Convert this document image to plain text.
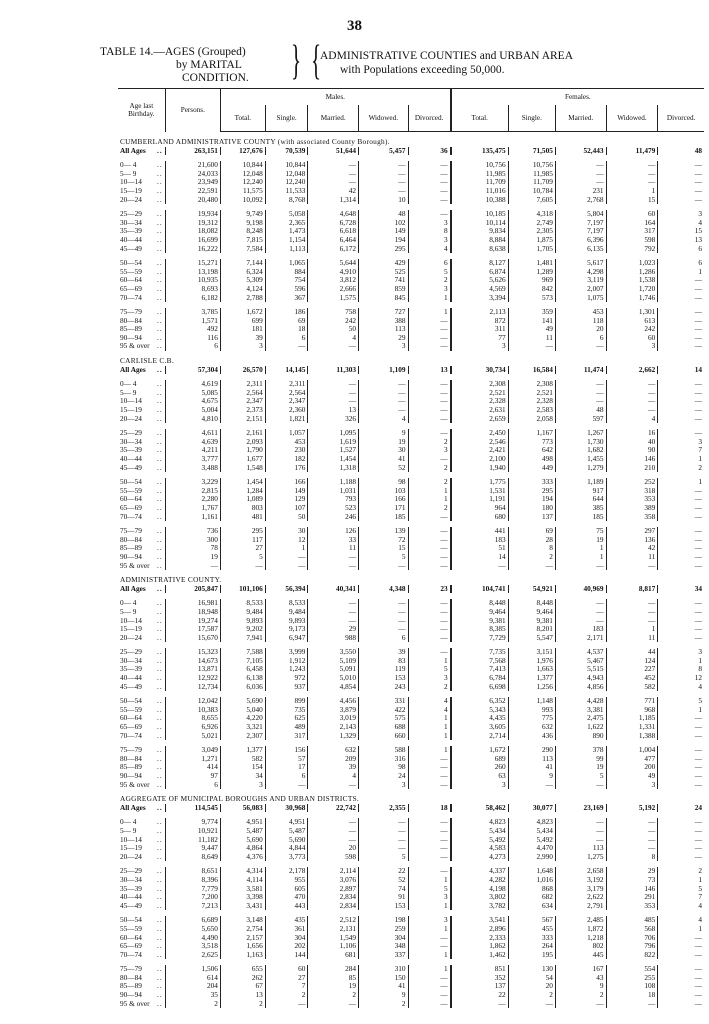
38
TABLE 14.—AGES (Grouped)
by MARITAL
CONDITION.	} {
ADMINISTRATIVE COUNTIES and URBAN AREA
with Populations exceeding 50,000.
Age last Birthday.	Persons.	Males.					Females.				
		Total.	Single.	Married.	Widowed.	Divorced.	Total.	Single.	Married.	Widowed.	Divorced.
CUMBERLAND ADMINISTRATIVE COUNTY (with associated County Borough).											
All Ages ..	263,151	127,676	70,539	51,644	5,457	36	135,475	71,505	52,443	11,479	48

0— 4 ..	21,600	10,844	10,844	—	—	—	10,756	10,756	—	—	—
5— 9 ..	24,033	12,048	12,048	—	—	—	11,985	11,985	—	—	—
10—14 ..	23,949	12,240	12,240	—	—	—	11,709	11,709	—	—	—
15—19 ..	22,591	11,575	11,533	42	—	—	11,016	10,784	231	1	—
20—24 ..	20,480	10,092	8,768	1,314	10	—	10,388	7,605	2,768	15	—

25—29 ..	19,934	9,749	5,058	4,648	48	—	10,185	4,318	5,804	60	3
30—34 ..	19,312	9,198	2,365	6,728	102	3	10,114	2,749	7,197	164	4
35—39 ..	18,082	8,248	1,473	6,618	149	8	9,834	2,305	7,197	317	15
40—44 ..	16,699	7,815	1,154	6,464	194	3	8,884	1,875	6,396	598	13
45—49 ..	16,222	7,584	1,113	6,172	295	4	8,638	1,705	6,135	792	6

50—54 ..	15,271	7,144	1,065	5,644	429	6	8,127	1,481	5,617	1,023	6
55—59 ..	13,198	6,324	884	4,910	525	5	6,874	1,289	4,298	1,286	1
60—64 ..	10,935	5,309	754	3,812	741	2	5,626	969	3,119	1,538	—
65—69 ..	8,693	4,124	596	2,666	859	3	4,569	842	2,007	1,720	—
70—74 ..	6,182	2,788	367	1,575	845	1	3,394	573	1,075	1,746	—

75—79 ..	3,785	1,672	186	758	727	1	2,113	359	453	1,301	—
80—84 ..	1,571	699	69	242	388	—	872	141	118	613	—
85—89 ..	492	181	18	50	113	—	311	49	20	242	—
90—94 ..	116	39	6	4	29	—	77	11	6	60	—
95 & over ..	6	3	—	—	3	—	3	—	—	3	—
CARLISLE C.B.											
All Ages ..	57,304	26,570	14,145	11,303	1,109	13	30,734	16,584	11,474	2,662	14

0— 4 ..	4,619	2,311	2,311	—	—	—	2,308	2,308	—	—	—
5— 9 ..	5,085	2,564	2,564	—	—	—	2,521	2,521	—	—	—
10—14 ..	4,675	2,347	2,347	—	—	—	2,328	2,328	—	—	—
15—19 ..	5,004	2,373	2,360	13	—	—	2,631	2,583	48	—	—
20—24 ..	4,810	2,151	1,821	326	4	—	2,659	2,058	597	4	—

25—29 ..	4,611	2,161	1,057	1,095	9	—	2,450	1,167	1,267	16	—
30—34 ..	4,639	2,093	453	1,619	19	2	2,546	773	1,730	40	3
35—39 ..	4,211	1,790	230	1,527	30	3	2,421	642	1,682	90	7
40—44 ..	3,777	1,677	182	1,454	41	—	2,100	498	1,455	146	1
45—49 ..	3,488	1,548	176	1,318	52	2	1,940	449	1,279	210	2

50—54 ..	3,229	1,454	166	1,188	98	2	1,775	333	1,189	252	1
55—59 ..	2,815	1,284	149	1,031	103	1	1,531	295	917	318	—
60—64 ..	2,280	1,089	129	793	166	1	1,191	194	644	353	—
65—69 ..	1,767	803	107	523	171	2	964	180	385	389	—
70—74 ..	1,161	481	50	246	185	—	680	137	185	358	—

75—79 ..	736	295	30	126	139	—	441	69	75	297	—
80—84 ..	300	117	12	33	72	—	183	28	19	136	—
85—89 ..	78	27	1	11	15	—	51	8	1	42	—
90—94 ..	19	5	—	—	5	—	14	2	1	11	—
95 & over ..	—	—	—	—	—	—	—	—	—	—	—
ADMINISTRATIVE COUNTY.											
All Ages ..	205,847	101,106	56,394	40,341	4,348	23	104,741	54,921	40,969	8,817	34

0— 4 ..	16,981	8,533	8,533	—	—	—	8,448	8,448	—	—	—
5— 9 ..	18,948	9,484	9,484	—	—	—	9,464	9,464	—	—	—
10—14 ..	19,274	9,893	9,893	—	—	—	9,381	9,381	—	—	—
15—19 ..	17,587	9,202	9,173	29	—	—	8,385	8,201	183	1	—
20—24 ..	15,670	7,941	6,947	988	6	—	7,729	5,547	2,171	11	—

25—29 ..	15,323	7,588	3,999	3,550	39	—	7,735	3,151	4,537	44	3
30—34 ..	14,673	7,105	1,912	5,109	83	1	7,568	1,976	5,467	124	1
35—39 ..	13,871	6,458	1,243	5,091	119	5	7,413	1,663	5,515	227	8
40—44 ..	12,922	6,138	972	5,010	153	3	6,784	1,377	4,943	452	12
45—49 ..	12,734	6,036	937	4,854	243	2	6,698	1,256	4,856	582	4

50—54 ..	12,042	5,690	899	4,456	331	4	6,352	1,148	4,428	771	5
55—59 ..	10,383	5,040	735	3,879	422	4	5,343	993	3,381	968	1
60—64 ..	8,655	4,220	625	3,019	575	1	4,435	775	2,475	1,185	—
65—69 ..	6,926	3,321	489	2,143	688	1	3,605	632	1,622	1,331	—
70—74 ..	5,021	2,307	317	1,329	660	1	2,714	436	890	1,388	—

75—79 ..	3,049	1,377	156	632	588	1	1,672	290	378	1,004	—
80—84 ..	1,271	582	57	209	316	—	689	113	99	477	—
85—89 ..	414	154	17	39	98	—	260	41	19	200	—
90—94 ..	97	34	6	4	24	—	63	9	5	49	—
95 & over ..	6	3	—	—	3	—	3	—	—	3	—
AGGREGATE OF MUNICIPAL BOROUGHS AND URBAN DISTRICTS.											
All Ages ..	114,545	56,083	30,968	22,742	2,355	18	58,462	30,077	23,169	5,192	24

0— 4 ..	9,774	4,951	4,951	—	—	—	4,823	4,823	—	—	—
5— 9 ..	10,921	5,487	5,487	—	—	—	5,434	5,434	—	—	—
10—14 ..	11,182	5,690	5,690	—	—	—	5,492	5,492	—	—	—
15—19 ..	9,447	4,864	4,844	20	—	—	4,583	4,470	113	—	—
20—24 ..	8,649	4,376	3,773	598	5	—	4,273	2,990	1,275	8	—

25—29 ..	8,651	4,314	2,178	2,114	22	—	4,337	1,648	2,658	29	2
30—34 ..	8,396	4,114	955	3,076	52	1	4,282	1,016	3,192	73	1
35—39 ..	7,779	3,581	605	2,897	74	5	4,198	868	3,179	146	5
40—44 ..	7,200	3,398	470	2,834	91	3	3,802	682	2,622	291	7
45—49 ..	7,213	3,431	443	2,834	153	1	3,782	634	2,791	353	4

50—54 ..	6,689	3,148	435	2,512	198	3	3,541	567	2,485	485	4
55—59 ..	5,650	2,754	361	2,131	259	1	2,896	455	1,872	568	1
60—64 ..	4,490	2,157	304	1,549	304	—	2,333	333	1,218	706	—
65—69 ..	3,518	1,656	202	1,106	348	—	1,862	264	802	796	—
70—74 ..	2,625	1,163	144	681	337	1	1,462	195	445	822	—

75—79 ..	1,506	655	60	284	310	1	851	130	167	554	—
80—84 ..	614	262	27	85	150	—	352	54	43	255	—
85—89 ..	204	67	7	19	41	—	137	20	9	108	—
90—94 ..	35	13	2	2	9	—	22	2	2	18	—
95 & over ..	2	2	—	—	2	—	—	—	—	—	—
